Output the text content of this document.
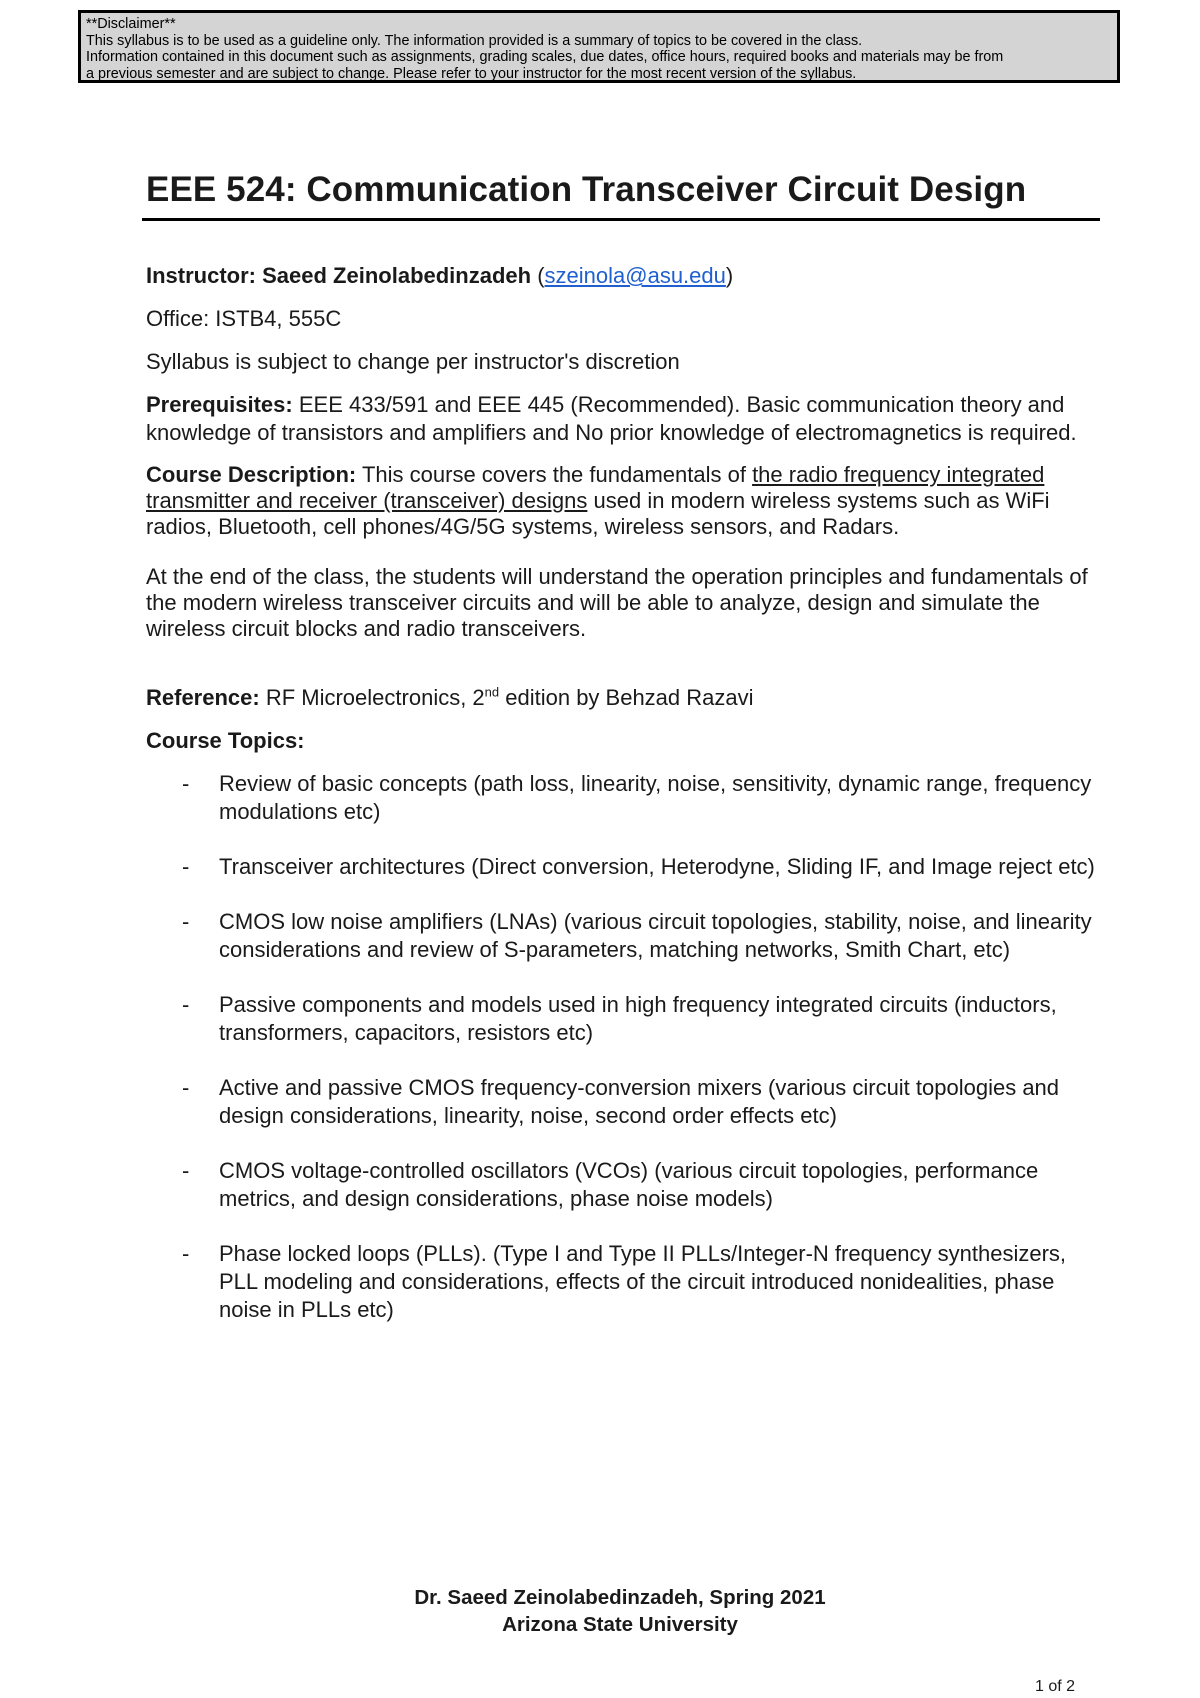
**Disclaimer**
This syllabus is to be used as a guideline only. The information provided is a summary of topics to be covered in the class.
Information contained in this document such as assignments, grading scales, due dates, office hours, required books and materials may be from
a previous semester and are subject to change. Please refer to your instructor for the most recent version of the syllabus.
EEE 524: Communication Transceiver Circuit Design

Instructor: Saeed Zeinolabedinzadeh (szeinola@asu.edu)

Office: ISTB4, 555C

Syllabus is subject to change per instructor's discretion

Prerequisites: EEE 433/591 and EEE 445 (Recommended). Basic communication theory and knowledge of transistors and amplifiers and No prior knowledge of electromagnetics is required.

Course Description: This course covers the fundamentals of the radio frequency integrated transmitter and receiver (transceiver) designs used in modern wireless systems such as WiFi radios, Bluetooth, cell phones/4G/5G systems, wireless sensors, and Radars.

At the end of the class, the students will understand the operation principles and fundamentals of the modern wireless transceiver circuits and will be able to analyze, design and simulate the wireless circuit blocks and radio transceivers.

Reference: RF Microelectronics, 2nd edition by Behzad Razavi

Course Topics:

- Review of basic concepts (path loss, linearity, noise, sensitivity, dynamic range, frequency modulations etc)
- Transceiver architectures (Direct conversion, Heterodyne, Sliding IF, and Image reject etc)
- CMOS low noise amplifiers (LNAs) (various circuit topologies, stability, noise, and linearity considerations and review of S-parameters, matching networks, Smith Chart, etc)
- Passive components and models used in high frequency integrated circuits (inductors, transformers, capacitors, resistors etc)
- Active and passive CMOS frequency-conversion mixers (various circuit topologies and design considerations, linearity, noise, second order effects etc)
- CMOS voltage-controlled oscillators (VCOs) (various circuit topologies, performance metrics, and design considerations, phase noise models)
- Phase locked loops (PLLs). (Type I and Type II PLLs/Integer-N frequency synthesizers, PLL modeling and considerations, effects of the circuit introduced nonidealities, phase noise in PLLs etc)
Dr. Saeed Zeinolabedinzadeh, Spring 2021
Arizona State University
1 of 2
